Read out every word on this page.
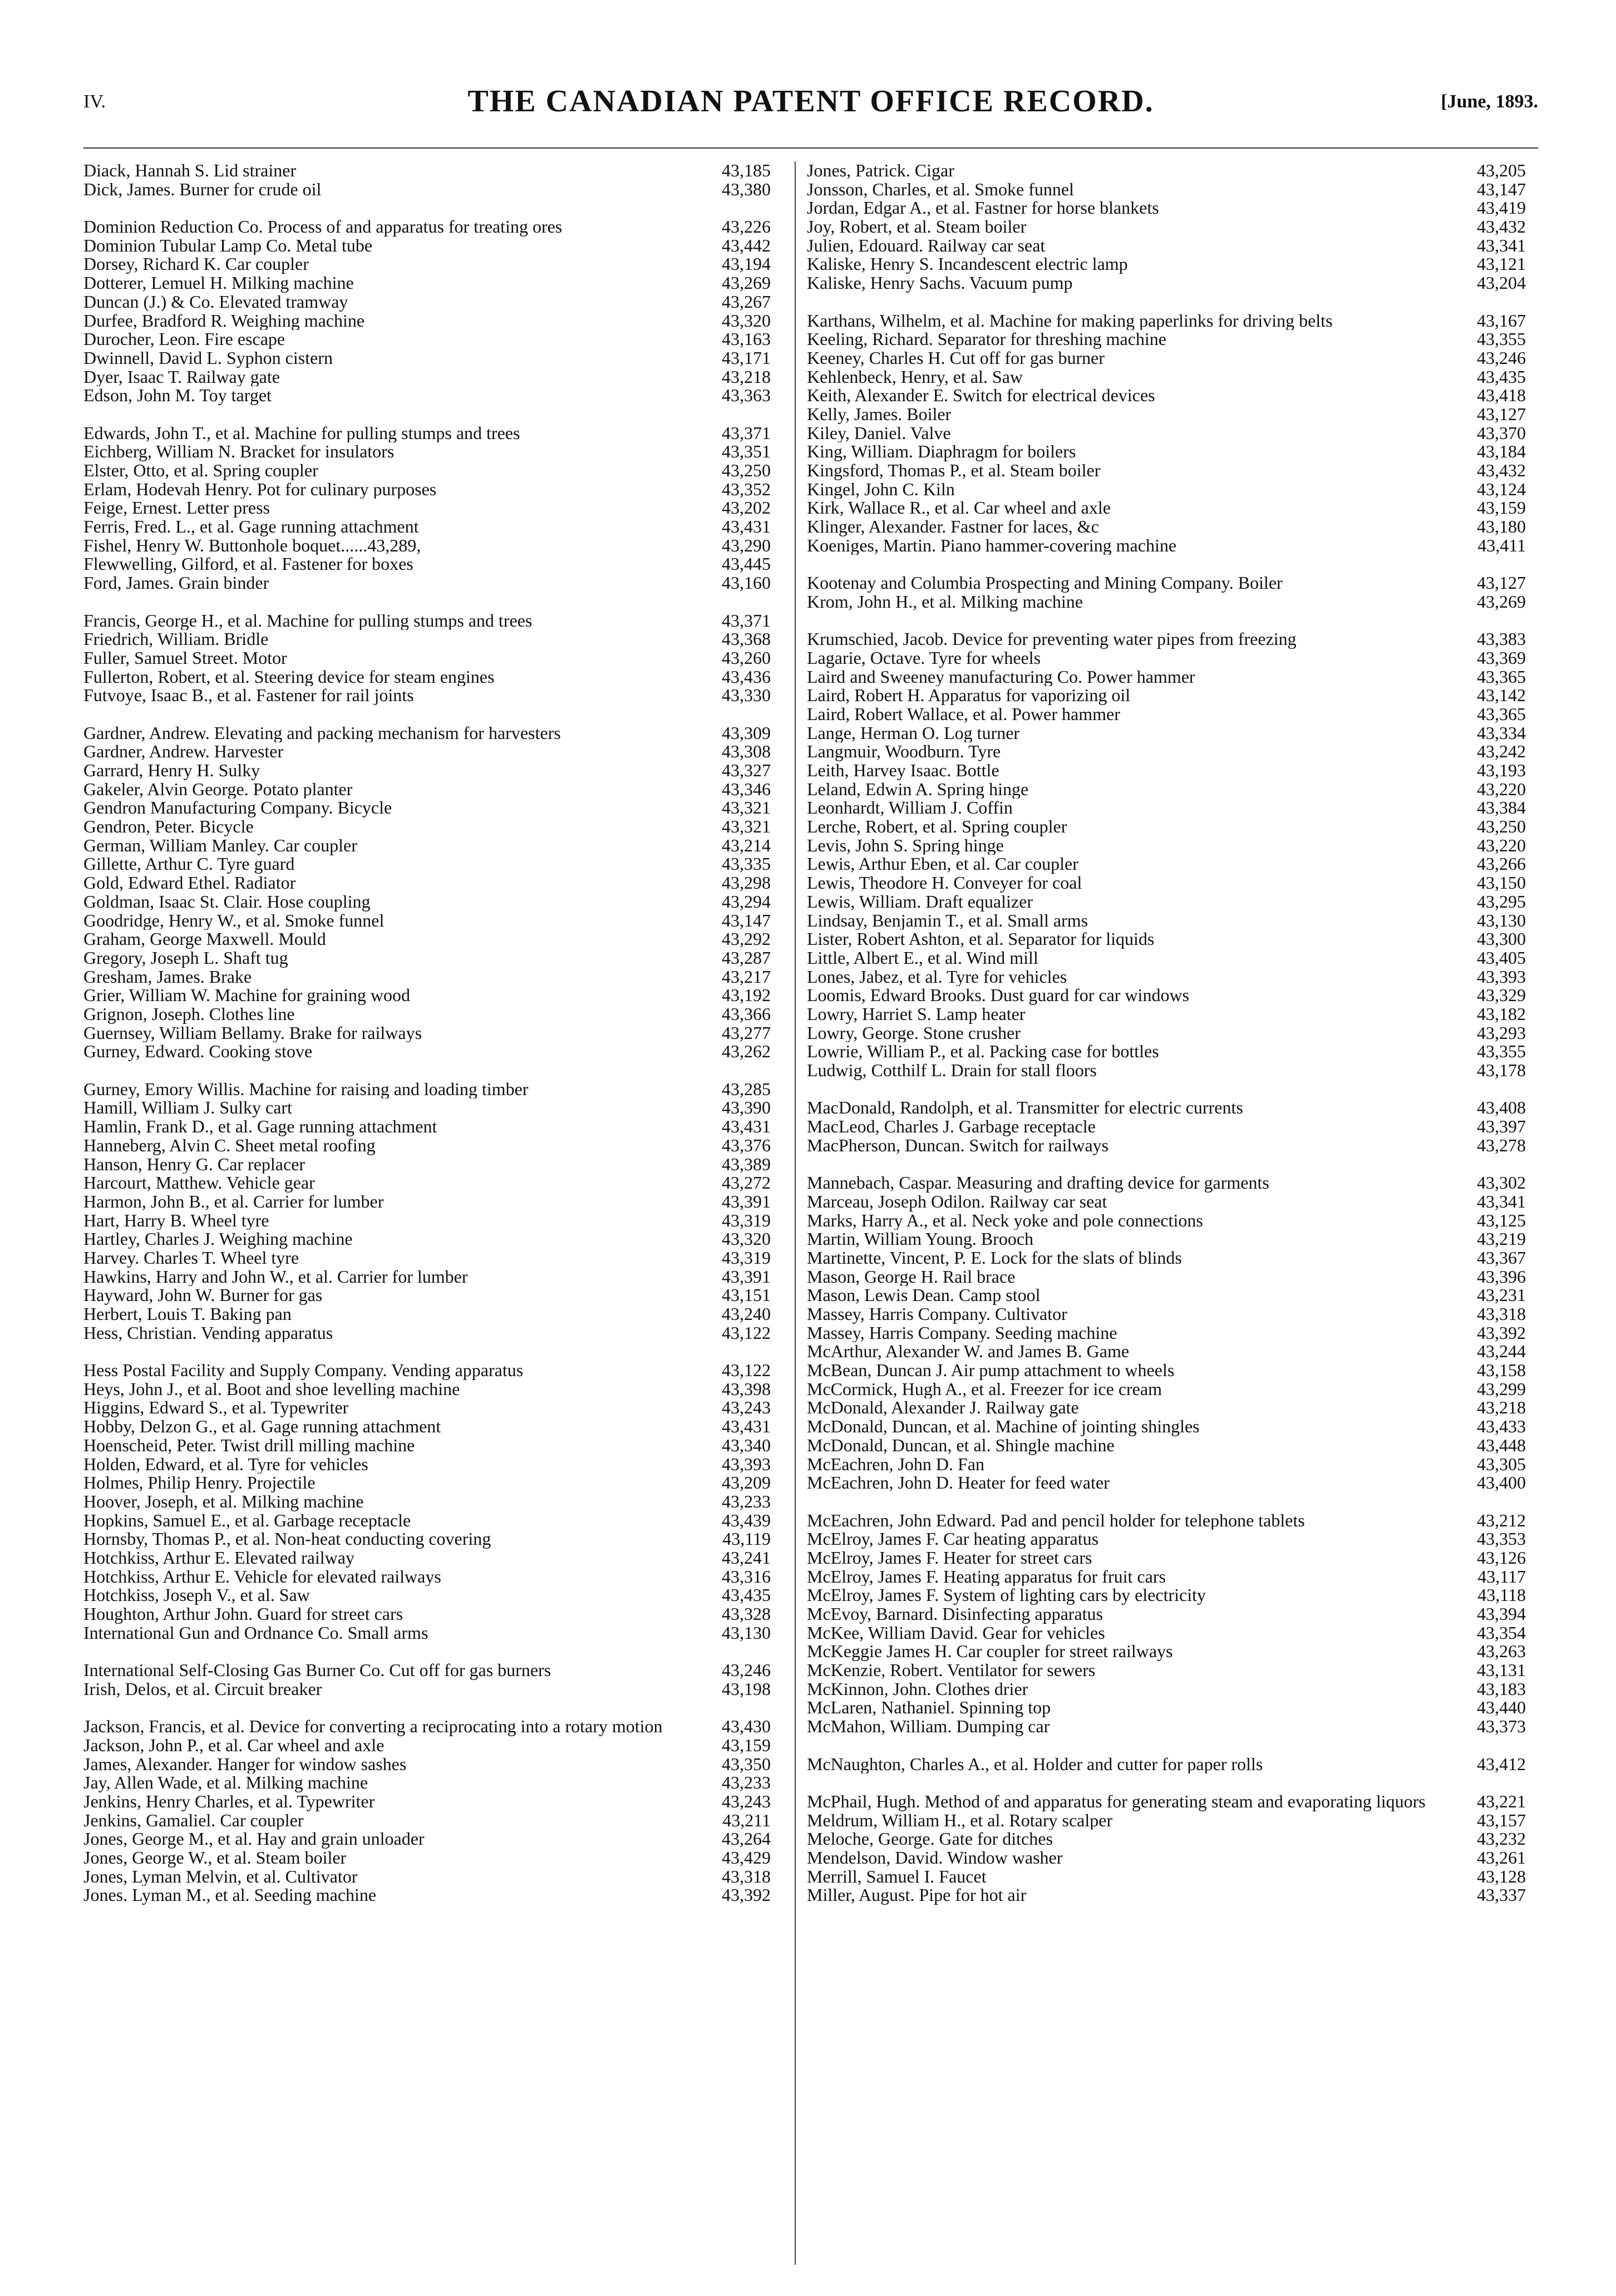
IV.	THE CANADIAN PATENT OFFICE RECORD.	[June, 1893.
Diack, Hannah S. Lid strainer	43,185
Dick, James. Burner for crude oil	43,380
Dominion Reduction Co. Process of and apparatus for treating ores	43,226
Dominion Tubular Lamp Co. Metal tube	43,442
Dorsey, Richard K. Car coupler	43,194
Dotterer, Lemuel H. Milking machine	43,269
Duncan (J.) & Co. Elevated tramway	43,267
Durfee, Bradford R. Weighing machine	43,320
Durocher, Leon. Fire escape	43,163
Dwinnell, David L. Syphon cistern	43,171
Dyer, Isaac T. Railway gate	43,218
Edson, John M. Toy target	43,363
Edwards, John T., et al. Machine for pulling stumps and trees	43,371
Eichberg, William N. Bracket for insulators	43,351
Elster, Otto, et al. Spring coupler	43,250
Erlam, Hodevah Henry. Pot for culinary purposes	43,352
Feige, Ernest. Letter press	43,202
Ferris, Fred. L., et al. Gage running attachment	43,431
Fishel, Henry W. Buttonhole boquet......43,289,	43,290
Flewwelling, Gilford, et al. Fastener for boxes	43,445
Ford, James. Grain binder	43,160
Francis, George H., et al. Machine for pulling stumps and trees	43,371
Friedrich, William. Bridle	43,368
Fuller, Samuel Street. Motor	43,260
Fullerton, Robert, et al. Steering device for steam engines	43,436
Futvoye, Isaac B., et al. Fastener for rail joints	43,330
Gardner, Andrew. Elevating and packing mechanism for harvesters	43,309
Gardner, Andrew. Harvester	43,308
Garrard, Henry H. Sulky	43,327
Gakeler, Alvin George. Potato planter	43,346
Gendron Manufacturing Company. Bicycle	43,321
Gendron, Peter. Bicycle	43,321
German, William Manley. Car coupler	43,214
Gillette, Arthur C. Tyre guard	43,335
Gold, Edward Ethel. Radiator	43,298
Goldman, Isaac St. Clair. Hose coupling	43,294
Goodridge, Henry W., et al. Smoke funnel	43,147
Graham, George Maxwell. Mould	43,292
Gregory, Joseph L. Shaft tug	43,287
Gresham, James. Brake	43,217
Grier, William W. Machine for graining wood	43,192
Grignon, Joseph. Clothes line	43,366
Guernsey, William Bellamy. Brake for railways	43,277
Gurney, Edward. Cooking stove	43,262
Gurney, Emory Willis. Machine for raising and loading timber	43,285
Hamill, William J. Sulky cart	43,390
Hamlin, Frank D., et al. Gage running attachment	43,431
Hanneberg, Alvin C. Sheet metal roofing	43,376
Hanson, Henry G. Car replacer	43,389
Harcourt, Matthew. Vehicle gear	43,272
Harmon, John B., et al. Carrier for lumber	43,391
Hart, Harry B. Wheel tyre	43,319
Hartley, Charles J. Weighing machine	43,320
Harvey. Charles T. Wheel tyre	43,319
Hawkins, Harry and John W., et al. Carrier for lumber	43,391
Hayward, John W. Burner for gas	43,151
Herbert, Louis T. Baking pan	43,240
Hess, Christian. Vending apparatus	43,122
Hess Postal Facility and Supply Company. Vending apparatus	43,122
Heys, John J., et al. Boot and shoe levelling machine	43,398
Higgins, Edward S., et al. Typewriter	43,243
Hobby, Delzon G., et al. Gage running attachment	43,431
Hoenscheid, Peter. Twist drill milling machine	43,340
Holden, Edward, et al. Tyre for vehicles	43,393
Holmes, Philip Henry. Projectile	43,209
Hoover, Joseph, et al. Milking machine	43,233
Hopkins, Samuel E., et al. Garbage receptacle	43,439
Hornsby, Thomas P., et al. Non-heat conducting covering	43,119
Hotchkiss, Arthur E. Elevated railway	43,241
Hotchkiss, Arthur E. Vehicle for elevated railways	43,316
Hotchkiss, Joseph V., et al. Saw	43,435
Houghton, Arthur John. Guard for street cars	43,328
International Gun and Ordnance Co. Small arms	43,130
International Self-Closing Gas Burner Co. Cut off for gas burners	43,246
Irish, Delos, et al. Circuit breaker	43,198
Jackson, Francis, et al. Device for converting a reciprocating into a rotary motion	43,430
Jackson, John P., et al. Car wheel and axle	43,159
James, Alexander. Hanger for window sashes	43,350
Jay, Allen Wade, et al. Milking machine	43,233
Jenkins, Henry Charles, et al. Typewriter	43,243
Jenkins, Gamaliel. Car coupler	43,211
Jones, George M., et al. Hay and grain unloader	43,264
Jones, George W., et al. Steam boiler	43,429
Jones, Lyman Melvin, et al. Cultivator	43,318
Jones. Lyman M., et al. Seeding machine	43,392
Jones, Patrick. Cigar	43,205
Jonsson, Charles, et al. Smoke funnel	43,147
Jordan, Edgar A., et al. Fastner for horse blankets	43,419
Joy, Robert, et al. Steam boiler	43,432
Julien, Edouard. Railway car seat	43,341
Kaliske, Henry S. Incandescent electric lamp	43,121
Kaliske, Henry Sachs. Vacuum pump	43,204
Karthans, Wilhelm, et al. Machine for making paperlinks for driving belts	43,167
Keeling, Richard. Separator for threshing machine	43,355
Keeney, Charles H. Cut off for gas burner	43,246
Kehlenbeck, Henry, et al. Saw	43,435
Keith, Alexander E. Switch for electrical devices	43,418
Kelly, James. Boiler	43,127
Kiley, Daniel. Valve	43,370
King, William. Diaphragm for boilers	43,184
Kingsford, Thomas P., et al. Steam boiler	43,432
Kingel, John C. Kiln	43,124
Kirk, Wallace R., et al. Car wheel and axle	43,159
Klinger, Alexander. Fastner for laces, &c	43,180
Koeniges, Martin. Piano hammer-covering machine	43,411
Kootenay and Columbia Prospecting and Mining Company. Boiler	43,127
Krom, John H., et al. Milking machine	43,269
Krumschied, Jacob. Device for preventing water pipes from freezing	43,383
Lagarie, Octave. Tyre for wheels	43,369
Laird and Sweeney manufacturing Co. Power hammer	43,365
Laird, Robert H. Apparatus for vaporizing oil	43,142
Laird, Robert Wallace, et al. Power hammer	43,365
Lange, Herman O. Log turner	43,334
Langmuir, Woodburn. Tyre	43,242
Leith, Harvey Isaac. Bottle	43,193
Leland, Edwin A. Spring hinge	43,220
Leonhardt, William J. Coffin	43,384
Lerche, Robert, et al. Spring coupler	43,250
Levis, John S. Spring hinge	43,220
Lewis, Arthur Eben, et al. Car coupler	43,266
Lewis, Theodore H. Conveyer for coal	43,150
Lewis, William. Draft equalizer	43,295
Lindsay, Benjamin T., et al. Small arms	43,130
Lister, Robert Ashton, et al. Separator for liquids	43,300
Little, Albert E., et al. Wind mill	43,405
Lones, Jabez, et al. Tyre for vehicles	43,393
Loomis, Edward Brooks. Dust guard for car windows	43,329
Lowry, Harriet S. Lamp heater	43,182
Lowry, George. Stone crusher	43,293
Lowrie, William P., et al. Packing case for bottles	43,355
Ludwig, Cotthilf L. Drain for stall floors	43,178
MacDonald, Randolph, et al. Transmitter for electric currents	43,408
MacLeod, Charles J. Garbage receptacle	43,397
MacPherson, Duncan. Switch for railways	43,278
Mannebach, Caspar. Measuring and drafting device for garments	43,302
Marceau, Joseph Odilon. Railway car seat	43,341
Marks, Harry A., et al. Neck yoke and pole connections	43,125
Martin, William Young. Brooch	43,219
Martinette, Vincent, P. E. Lock for the slats of blinds	43,367
Mason, George H. Rail brace	43,396
Mason, Lewis Dean. Camp stool	43,231
Massey, Harris Company. Cultivator	43,318
Massey, Harris Company. Seeding machine	43,392
McArthur, Alexander W. and James B. Game	43,244
McBean, Duncan J. Air pump attachment to wheels	43,158
McCormick, Hugh A., et al. Freezer for ice cream	43,299
McDonald, Alexander J. Railway gate	43,218
McDonald, Duncan, et al. Machine of jointing shingles	43,433
McDonald, Duncan, et al. Shingle machine	43,448
McEachren, John D. Fan	43,305
McEachren, John D. Heater for feed water	43,400
McEachren, John Edward. Pad and pencil holder for telephone tablets	43,212
McElroy, James F. Car heating apparatus	43,353
McElroy, James F. Heater for street cars	43,126
McElroy, James F. Heating apparatus for fruit cars	43,117
McElroy, James F. System of lighting cars by electricity	43,118
McEvoy, Barnard. Disinfecting apparatus	43,394
McKee, William David. Gear for vehicles	43,354
McKeggie James H. Car coupler for street railways	43,263
McKenzie, Robert. Ventilator for sewers	43,131
McKinnon, John. Clothes drier	43,183
McLaren, Nathaniel. Spinning top	43,440
McMahon, William. Dumping car	43,373
McNaughton, Charles A., et al. Holder and cutter for paper rolls	43,412
McPhail, Hugh. Method of and apparatus for generating steam and evaporating liquors	43,221
Meldrum, William H., et al. Rotary scalper	43,157
Meloche, George. Gate for ditches	43,232
Mendelson, David. Window washer	43,261
Merrill, Samuel I. Faucet	43,128
Miller, August. Pipe for hot air	43,337
